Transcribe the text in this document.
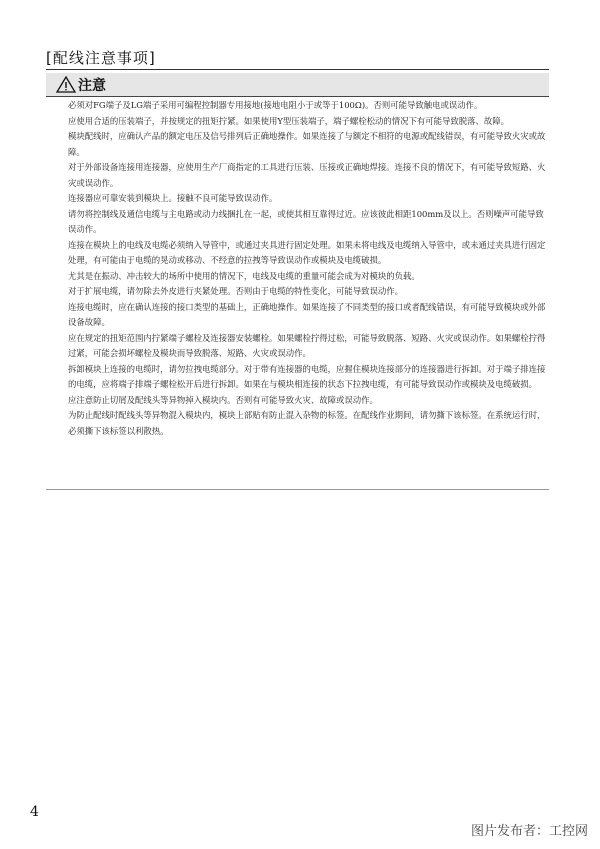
[配线注意事项]
注意
必须对FG端子及LG端子采用可编程控制器专用接地(接地电阻小于或等于100Ω)。否则可能导致触电或误动作。
应使用合适的压装端子，并按规定的扭矩拧紧。如果使用Y型压装端子，端子螺栓松动的情况下有可能导致脱落、故障。
模块配线时，应确认产品的额定电压及信号排列后正确地操作。如果连接了与额定不相符的电源或配线错误，有可能导致火灾或故障。
对于外部设备连接用连接器，应使用生产厂商指定的工具进行压装、压接或正确地焊接。连接不良的情况下，有可能导致短路、火灾或误动作。
连接器应可靠安装到模块上。接触不良可能导致误动作。
请勿将控制线及通信电缆与主电路或动力线捆扎在一起，或使其相互靠得过近。应该彼此相距100mm及以上。否则噪声可能导致误动作。
连接在模块上的电线及电缆必须纳入导管中，或通过夹具进行固定处理。如果未将电线及电缆纳入导管中，或未通过夹具进行固定处理，有可能由于电缆的晃动或移动、不经意的拉拽等导致误动作或模块及电缆破损。
尤其是在振动、冲击较大的场所中使用的情况下，电线及电缆的重量可能会成为对模块的负载。
对于扩展电缆，请勿除去外皮进行夹紧处理。否则由于电缆的特性变化，可能导致误动作。
连接电缆时，应在确认连接的接口类型的基础上，正确地操作。如果连接了不同类型的接口或者配线错误，有可能导致模块或外部设备故障。
应在规定的扭矩范围内拧紧端子螺栓及连接器安装螺栓。如果螺栓拧得过松，可能导致脱落、短路、火灾或误动作。如果螺栓拧得过紧，可能会损坏螺栓及模块而导致脱落、短路、火灾或误动作。
拆卸模块上连接的电缆时，请勿拉拽电缆部分。对于带有连接器的电缆，应握住模块连接部分的连接器进行拆卸。对于端子排连接的电缆，应将端子排端子螺栓松开后进行拆卸。如果在与模块相连接的状态下拉拽电缆，有可能导致误动作或模块及电缆破损。
应注意防止切屑及配线头等异物掉入模块内。否则有可能导致火灾、故障或误动作。
为防止配线时配线头等异物混入模块内，模块上部贴有防止混入杂物的标签。在配线作业期间，请勿撕下该标签。在系统运行时，必须撕下该标签以利散热。
4
图片发布者：工控网
